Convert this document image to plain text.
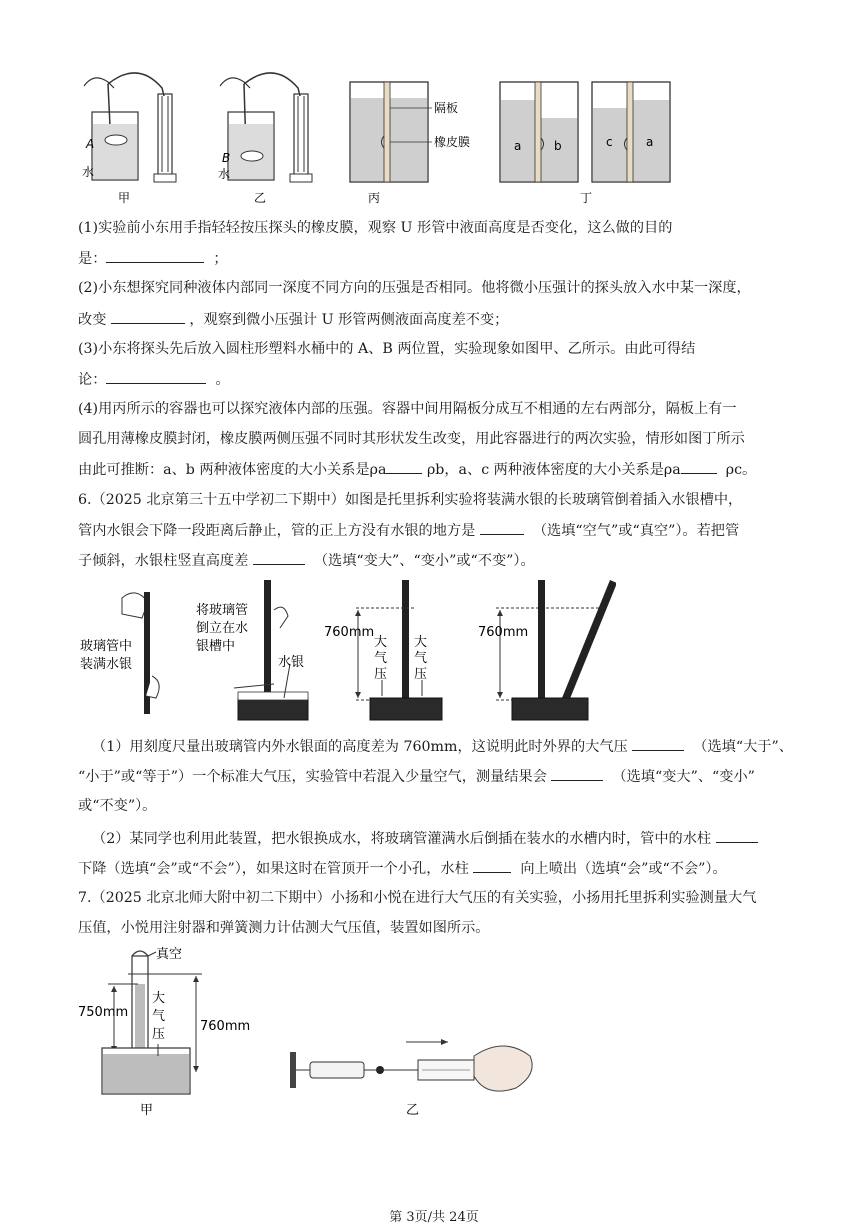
A
水
甲
B
水
乙
隔板
橡皮膜
丙
a	b	c	a
丁
(1)实验前小东用手指轻轻按压探头的橡皮膜，观察 U 形管中液面高度是否变化，这么做的目的
是：	；
(2)小东想探究同种液体内部同一深度不同方向的压强是否相同。他将微小压强计的探头放入水中某一深度，
改变	，观察到微小压强计 U 形管两侧液面高度差不变；
(3)小东将探头先后放入圆柱形塑料水桶中的 A、B 两位置，实验现象如图甲、乙所示。由此可得结
论：	。
(4)用丙所示的容器也可以探究液体内部的压强。容器中间用隔板分成互不相通的左右两部分，隔板上有一
圆孔用薄橡皮膜封闭，橡皮膜两侧压强不同时其形状发生改变，用此容器进行的两次实验，情形如图丁所示
由此可推断：a、b 两种液体密度的大小关系是ρa	ρb，a、c 两种液体密度的大小关系是ρa	ρc。
6.（2025 北京第三十五中学初二下期中）如图是托里拆利实验将装满水银的长玻璃管倒着插入水银槽中，
管内水银会下降一段距离后静止，管的正上方没有水银的地方是	（选填“空气”或“真空”）。若把管
子倾斜，水银柱竖直高度差	（选填“变大”、“变小”或“不变”）。
玻璃管中装满水银
将玻璃管倒立在水银槽中
水银
760mm
大气压
大气压
760mm
（1）用刻度尺量出玻璃管内外水银面的高度差为 760mm，这说明此时外界的大气压	（选填“大于”、
“小于”或“等于”）一个标准大气压，实验管中若混入少量空气，测量结果会	（选填“变大”、“变小”
或“不变”）。
（2）某同学也利用此装置，把水银换成水，将玻璃管灌满水后倒插在装水的水槽内时，管中的水柱
下降（选填“会”或“不会”），如果这时在管顶开一个小孔，水柱	向上喷出（选填“会”或“不会”）。
7.（2025 北京北师大附中初二下期中）小扬和小悦在进行大气压的有关实验，小扬用托里拆利实验测量大气
压值，小悦用注射器和弹簧测力计估测大气压值，装置如图所示。
真空
750mm
760mm
大气压
甲	乙
第 3页/共 24页
